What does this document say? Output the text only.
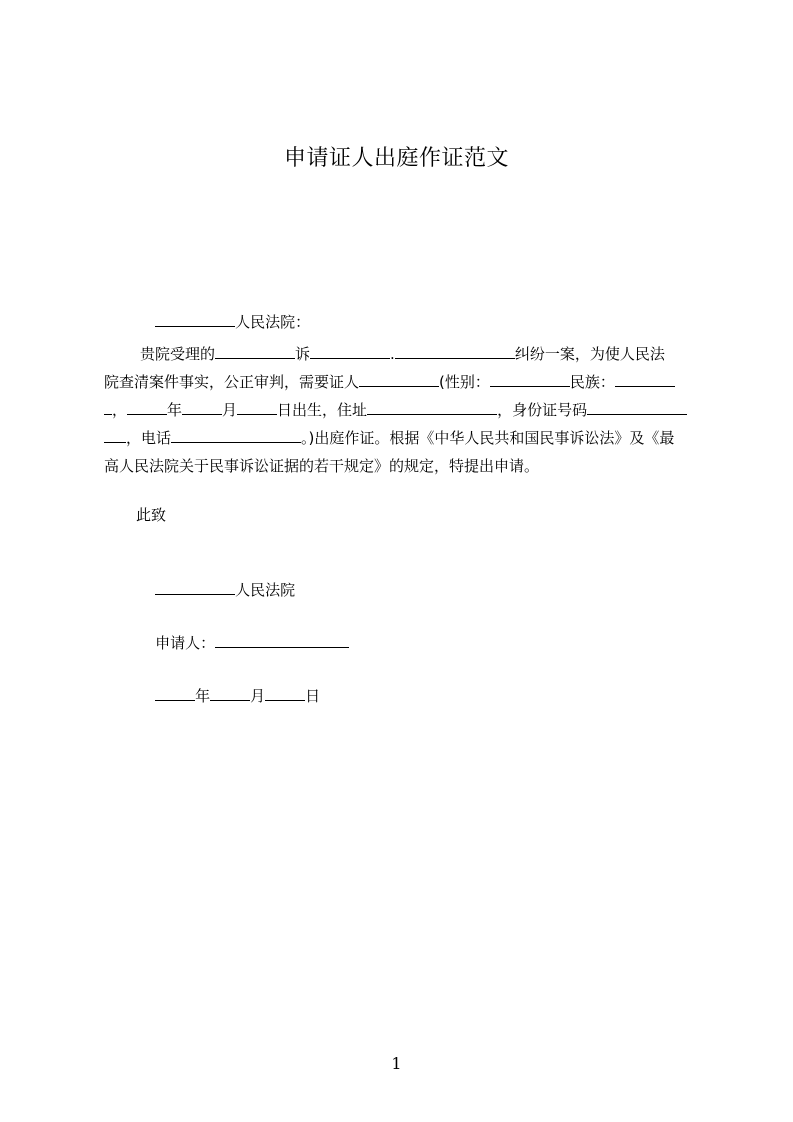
申请证人出庭作证范文

人民法院：

贵院受理的	诉	.	纠纷一案，为使人民法
院查清案件事实，公正审判，需要证人	(性别：	民族：
，	年	月	日出生，住址	，身份证号码
，电话	。)出庭作证。根据《中华人民共和国民事诉讼法》及《最
高人民法院关于民事诉讼证据的若干规定》的规定，特提出申请。
此致

人民法院

申请人：

年	月	日

1
